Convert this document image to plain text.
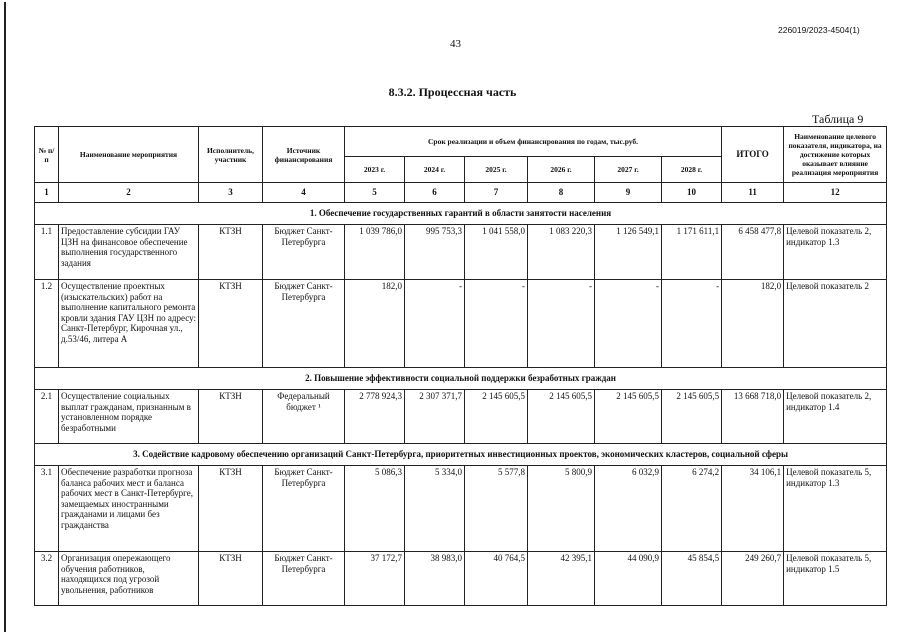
226019/2023-4504(1)
43
8.3.2. Процессная часть
Таблица 9
№ п/п	Наименование мероприятия	Исполнитель, участник	Источник финансирования	Срок реализации и объем финансирования по годам, тыс.руб.						ИТОГО	Наименование целевого показателя, индикатора, на достижение которых оказывает влияние реализация мероприятия
				2023 г.	2024 г.	2025 г.	2026 г.	2027 г.	2028 г.		
1	2	3	4	5	6	7	8	9	10	11	12
1. Обеспечение государственных гарантий в области занятости населения											
1.1	Предоставление субсидии ГАУ ЦЗН на финансовое обеспечение выполнения государственного задания	КТЗН	Бюджет Санкт-Петербурга	1 039 786,0	995 753,3	1 041 558,0	1 083 220,3	1 126 549,1	1 171 611,1	6 458 477,8	Целевой показатель 2, индикатор 1.3
1.2	Осуществление проектных (изыскательских) работ на выполнение капитального ремонта кровли здания ГАУ ЦЗН по адресу: Санкт-Петербург, Кирочная ул., д.53/46, литера А	КТЗН	Бюджет Санкт-Петербурга	182,0	-	-	-	-	-	182,0	Целевой показатель 2
2. Повышение эффективности социальной поддержки безработных граждан											
2.1	Осуществление социальных выплат гражданам, признанным в установленном порядке безработными	КТЗН	Федеральный бюджет ¹	2 778 924,3	2 307 371,7	2 145 605,5	2 145 605,5	2 145 605,5	2 145 605,5	13 668 718,0	Целевой показатель 2, индикатор 1.4
3. Содействие кадровому обеспечению организаций Санкт-Петербурга, приоритетных инвестиционных проектов, экономических кластеров, социальной сферы											
3.1	Обеспечение разработки прогноза баланса рабочих мест и баланса рабочих мест в Санкт-Петербурге, замещаемых иностранными гражданами и лицами без гражданства	КТЗН	Бюджет Санкт-Петербурга	5 086,3	5 334,0	5 577,8	5 800,9	6 032,9	6 274,2	34 106,1	Целевой показатель 5, индикатор 1.3
3.2	Организация опережающего обучения работников, находящихся под угрозой увольнения, работников	КТЗН	Бюджет Санкт-Петербурга	37 172,7	38 983,0	40 764,5	42 395,1	44 090,9	45 854,5	249 260,7	Целевой показатель 5, индикатор 1.5
